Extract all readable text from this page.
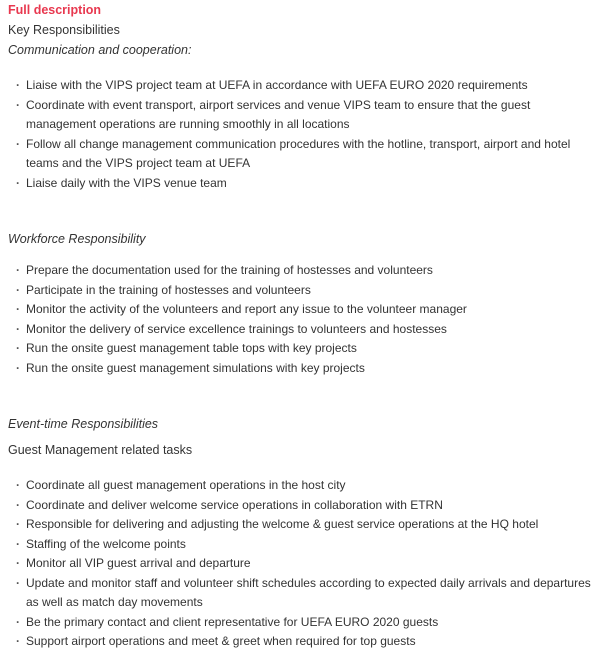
Full description
Key Responsibilities
Communication and cooperation:
· Liaise with the VIPS project team at UEFA in accordance with UEFA EURO 2020 requirements
· Coordinate with event transport, airport services and venue VIPS team to ensure that the guest management operations are running smoothly in all locations
· Follow all change management communication procedures with the hotline, transport, airport and hotel teams and the VIPS project team at UEFA
· Liaise daily with the VIPS venue team
Workforce Responsibility
· Prepare the documentation used for the training of hostesses and volunteers
· Participate in the training of hostesses and volunteers
· Monitor the activity of the volunteers and report any issue to the volunteer manager
· Monitor the delivery of service excellence trainings to volunteers and hostesses
· Run the onsite guest management table tops with key projects
· Run the onsite guest management simulations with key projects
Event-time Responsibilities
Guest Management related tasks
· Coordinate all guest management operations in the host city
· Coordinate and deliver welcome service operations in collaboration with ETRN
· Responsible for delivering and adjusting the welcome & guest service operations at the HQ hotel
· Staffing of the welcome points
· Monitor all VIP guest arrival and departure
· Update and monitor staff and volunteer shift schedules according to expected daily arrivals and departures as well as match day movements
· Be the primary contact and client representative for UEFA EURO 2020 guests
· Support airport operations and meet & greet when required for top guests
